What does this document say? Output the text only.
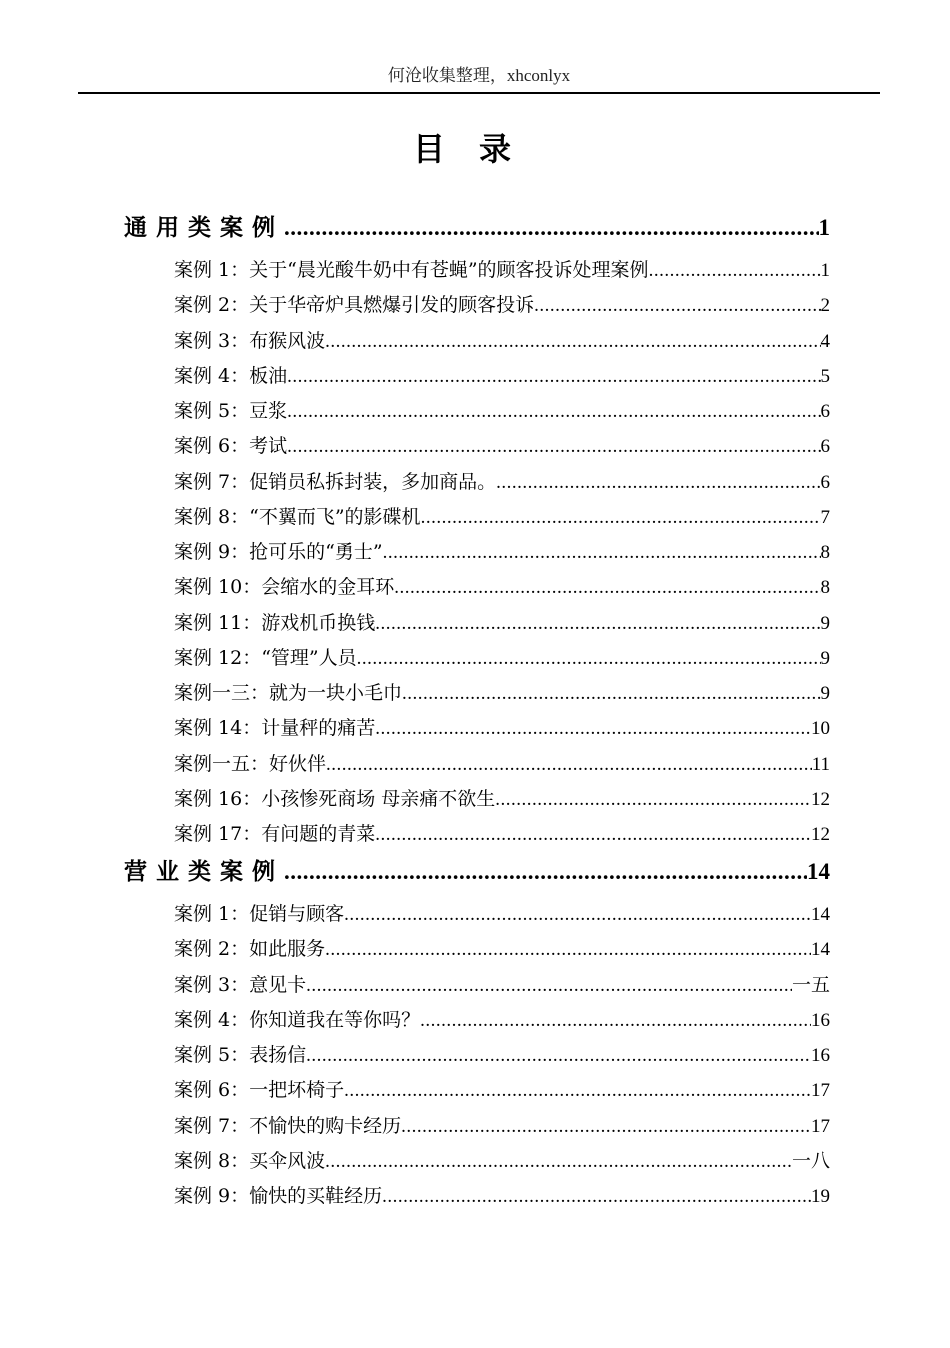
何沧收集整理，xhconlyx
目录
通用类案例 .....	1
案例 1：关于“晨光酸牛奶中有苍蝇”的顾客投诉处理案例 .....	1
案例 2：关于华帝炉具燃爆引发的顾客投诉 .....	2
案例 3：布猴风波 .....	4
案例 4：板油 .....	5
案例 5：豆浆 .....	6
案例 6：考试 .....	6
案例 7：促销员私拆封装，多加商品。 .....	6
案例 8：“不翼而飞”的影碟机 .....	7
案例 9：抢可乐的“勇士” .....	8
案例 10：会缩水的金耳环 .....	8
案例 11：游戏机币换钱 .....	9
案例 12：“管理”人员 .....	9
案例一三：就为一块小毛巾 .....	9
案例 14：计量秤的痛苦 .....	10
案例一五：好伙伴 .....	11
案例 16：小孩惨死商场 母亲痛不欲生 .....	12
案例 17：有问题的青菜 .....	12
营业类案例 .....	14
案例 1：促销与顾客 .....	14
案例 2：如此服务 .....	14
案例 3：意见卡 .....	一五
案例 4：你知道我在等你吗？ .....	16
案例 5：表扬信 .....	16
案例 6：一把坏椅子 .....	17
案例 7：不愉快的购卡经历 .....	17
案例 8：买伞风波 .....	一八
案例 9：愉快的买鞋经历 .....	19
